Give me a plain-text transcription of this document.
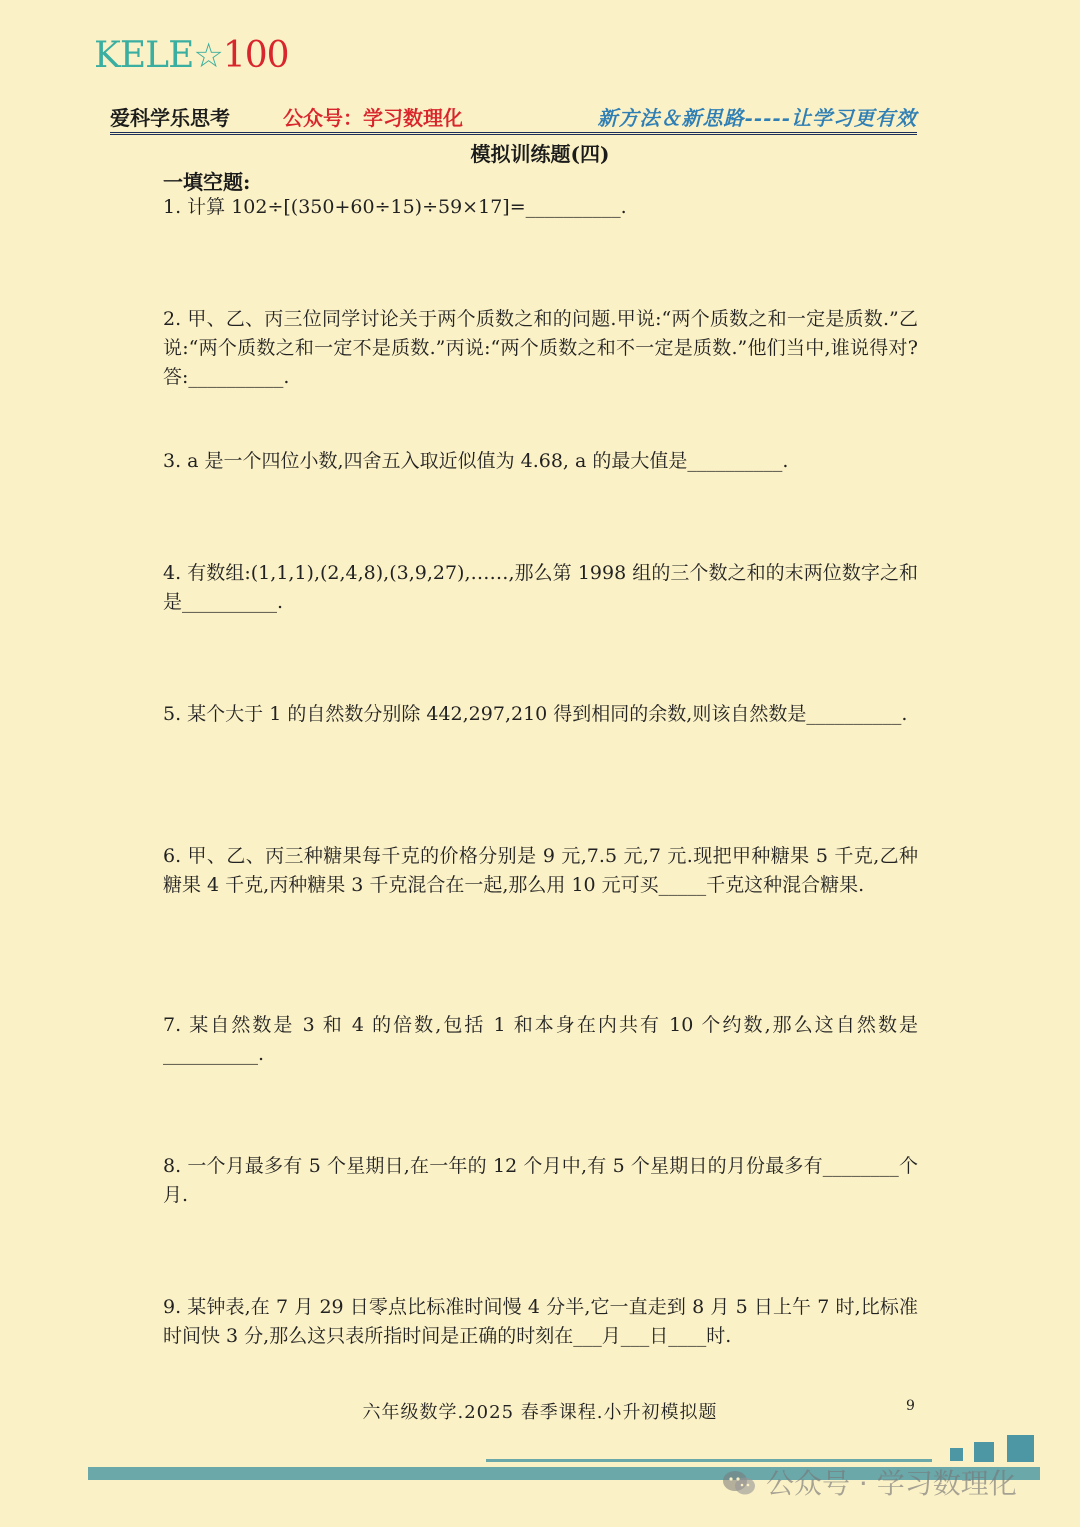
KELE☆100
爱科学乐思考	公众号：学习数理化	新方法＆新思路-----让学习更有效
模拟训练题(四)
一填空题:
1. 计算 102÷[(350+60÷15)÷59×17]=__________.
2. 甲、乙、丙三位同学讨论关于两个质数之和的问题.甲说:“两个质数之和一定是质数.”乙说:“两个质数之和一定不是质数.”丙说:“两个质数之和不一定是质数.”他们当中,谁说得对?答:__________.
3. a 是一个四位小数,四舍五入取近似值为 4.68, a 的最大值是__________.
4. 有数组:(1,1,1),(2,4,8),(3,9,27),……,那么第 1998 组的三个数之和的末两位数字之和是__________.
5. 某个大于 1 的自然数分别除 442,297,210 得到相同的余数,则该自然数是__________.
6. 甲、乙、丙三种糖果每千克的价格分别是 9 元,7.5 元,7 元.现把甲种糖果 5 千克,乙种糖果 4 千克,丙种糖果 3 千克混合在一起,那么用 10 元可买_____千克这种混合糖果.
7. 某自然数是 3 和 4 的倍数,包括 1 和本身在内共有 10 个约数,那么这自然数是__________.
8. 一个月最多有 5 个星期日,在一年的 12 个月中,有 5 个星期日的月份最多有________个月.
9. 某钟表,在 7 月 29 日零点比标准时间慢 4 分半,它一直走到 8 月 5 日上午 7 时,比标准时间快 3 分,那么这只表所指时间是正确的时刻在___月___日____时.
六年级数学.2025 春季课程.小升初模拟题	9
公众号 · 学习数理化
